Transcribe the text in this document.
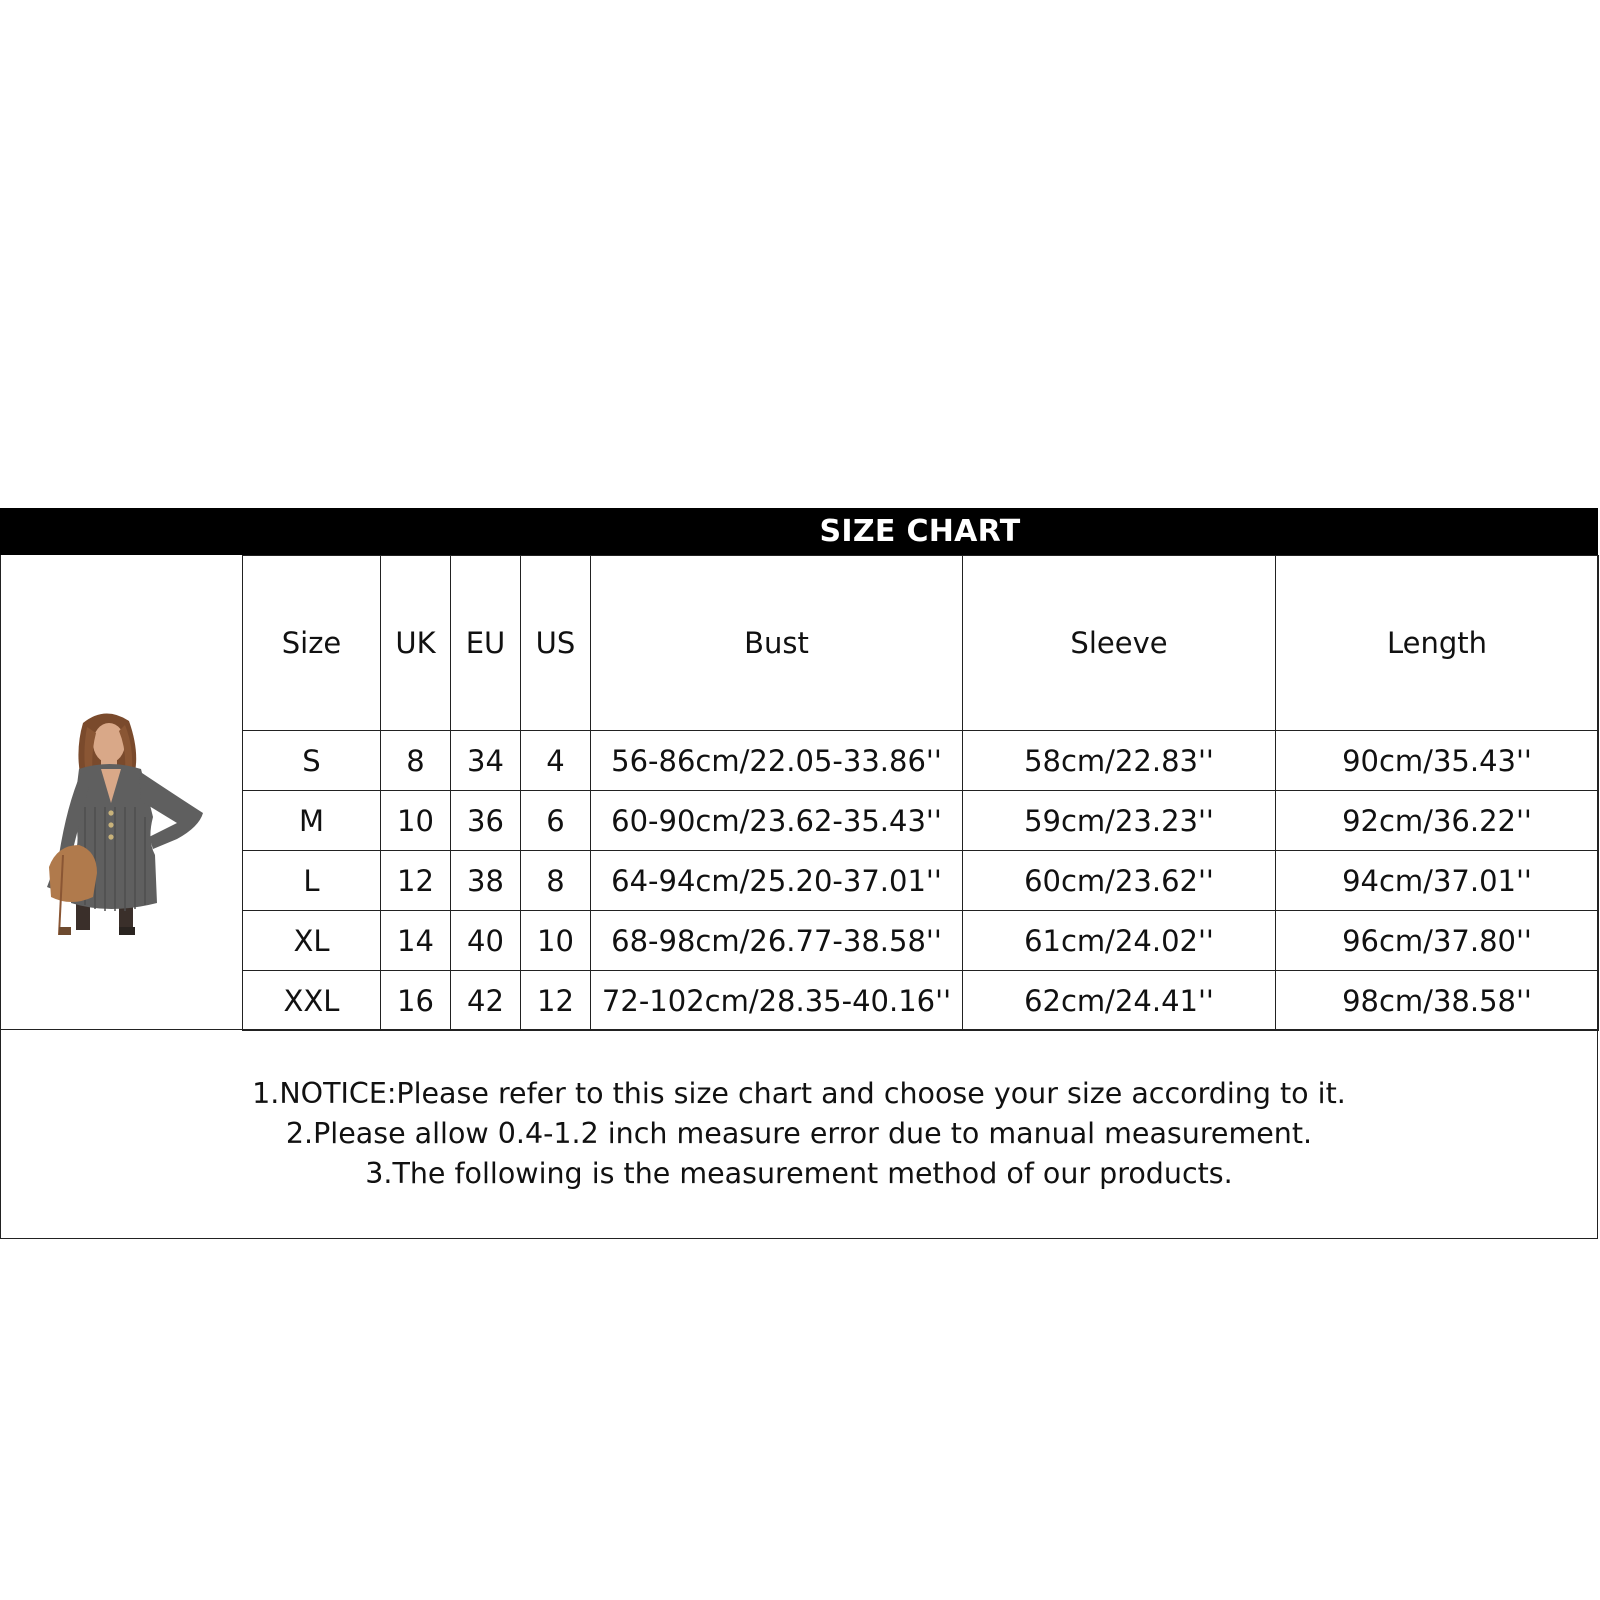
SIZE CHART
Size	UK	EU	US	Bust	Sleeve	Length
S	8	34	4	56-86cm/22.05-33.86''	58cm/22.83''	90cm/35.43''
M	10	36	6	60-90cm/23.62-35.43''	59cm/23.23''	92cm/36.22''
L	12	38	8	64-94cm/25.20-37.01''	60cm/23.62''	94cm/37.01''
XL	14	40	10	68-98cm/26.77-38.58''	61cm/24.02''	96cm/37.80''
XXL	16	42	12	72-102cm/28.35-40.16''	62cm/24.41''	98cm/38.58''
1.NOTICE:Please refer to this size chart and choose your size according to it.
2.Please allow 0.4-1.2 inch measure error due to manual measurement.
3.The following is the measurement method of our products.
